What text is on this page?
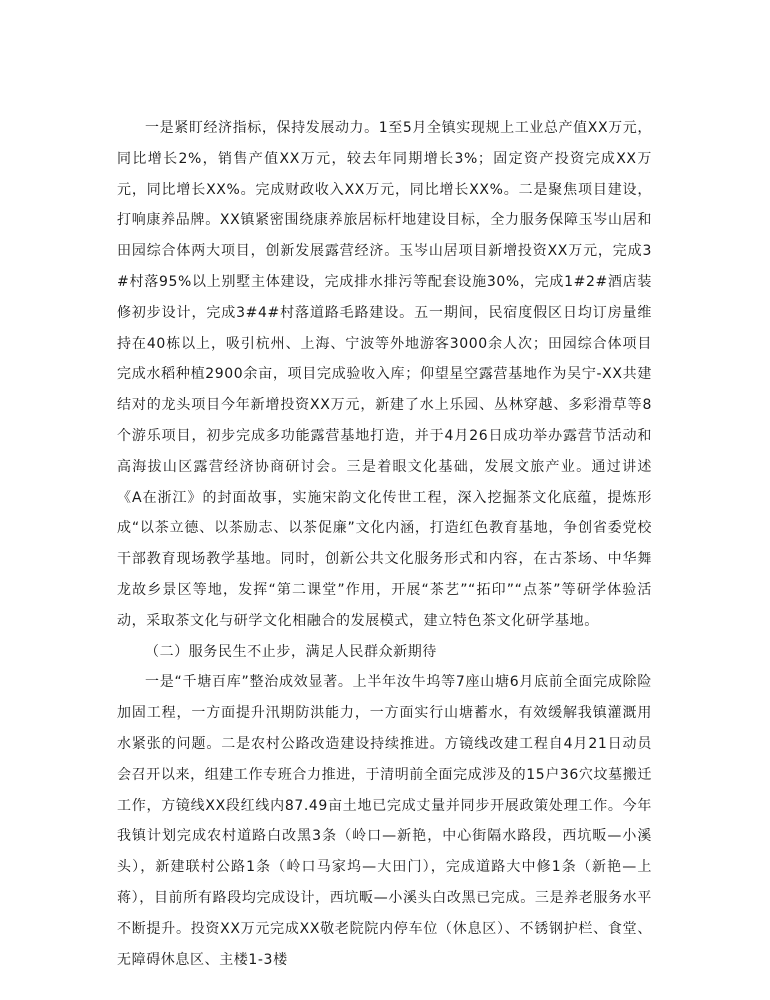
一是紧盯经济指标，保持发展动力。1至5月全镇实现规上工业总产值XX万元，同比增长2%，销售产值XX万元，较去年同期增长3%；固定资产投资完成XX万元，同比增长XX%。完成财政收入XX万元，同比增长XX%。二是聚焦项目建设，打响康养品牌。XX镇紧密围绕康养旅居标杆地建设目标，全力服务保障玉岑山居和田园综合体两大项目，创新发展露营经济。玉岑山居项目新增投资XX万元，完成3#村落95%以上别墅主体建设，完成排水排污等配套设施30%，完成1#2#酒店装修初步设计，完成3#4#村落道路毛路建设。五一期间，民宿度假区日均订房量维持在40栋以上，吸引杭州、上海、宁波等外地游客3000余人次；田园综合体项目完成水稻种植2900余亩，项目完成验收入库；仰望星空露营基地作为吴宁-XX共建结对的龙头项目今年新增投资XX万元，新建了水上乐园、丛林穿越、多彩滑草等8个游乐项目，初步完成多功能露营基地打造，并于4月26日成功举办露营节活动和高海拔山区露营经济协商研讨会。三是着眼文化基础，发展文旅产业。通过讲述《A在浙江》的封面故事，实施宋韵文化传世工程，深入挖掘茶文化底蕴，提炼形成“以茶立德、以茶励志、以茶促廉”文化内涵，打造红色教育基地，争创省委党校干部教育现场教学基地。同时，创新公共文化服务形式和内容，在古茶场、中华舞龙故乡景区等地，发挥“第二课堂”作用，开展“茶艺”“拓印”“点茶”等研学体验活动，采取茶文化与研学文化相融合的发展模式，建立特色茶文化研学基地。

（二）服务民生不止步，满足人民群众新期待

一是“千塘百库”整治成效显著。上半年汝牛坞等7座山塘6月底前全面完成除险加固工程，一方面提升汛期防洪能力，一方面实行山塘蓄水，有效缓解我镇灌溉用水紧张的问题。二是农村公路改造建设持续推进。方镜线改建工程自4月21日动员会召开以来，组建工作专班合力推进，于清明前全面完成涉及的15户36穴坟墓搬迁工作，方镜线XX段红线内87.49亩土地已完成丈量并同步开展政策处理工作。今年我镇计划完成农村道路白改黑3条（岭口—新艳，中心街隔水路段，西坑畈—小溪头），新建联村公路1条（岭口马家坞—大田门），完成道路大中修1条（新艳—上蒋），目前所有路段均完成设计，西坑畈—小溪头白改黑已完成。三是养老服务水平不断提升。投资XX万元完成XX敬老院院内停车位（休息区）、不锈钢护栏、食堂、无障碍休息区、主楼1-3楼
